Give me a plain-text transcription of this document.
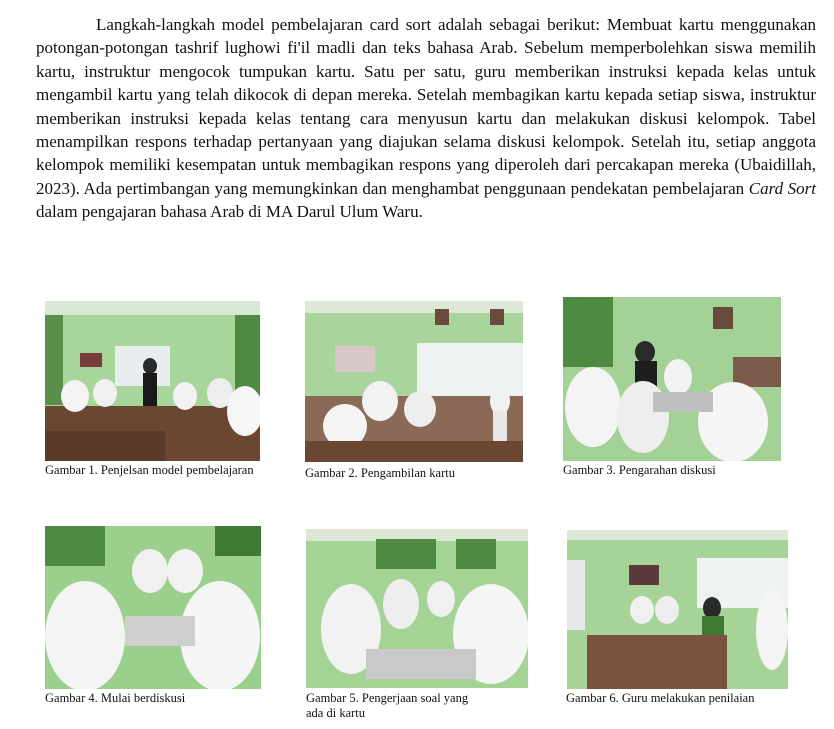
Langkah-langkah model pembelajaran card sort adalah sebagai berikut: Membuat kartu menggunakan potongan-potongan tashrif lughowi fi'il madli dan teks bahasa Arab. Sebelum memperbolehkan siswa memilih kartu, instruktur mengocok tumpukan kartu. Satu per satu, guru memberikan instruksi kepada kelas untuk mengambil kartu yang telah dikocok di depan mereka. Setelah membagikan kartu kepada setiap siswa, instruktur memberikan instruksi kepada kelas tentang cara menyusun kartu dan melakukan diskusi kelompok. Tabel menampilkan respons terhadap pertanyaan yang diajukan selama diskusi kelompok. Setelah itu, setiap anggota kelompok memiliki kesempatan untuk membagikan respons yang diperoleh dari percakapan mereka (Ubaidillah, 2023). Ada pertimbangan yang memungkinkan dan menghambat penggunaan pendekatan pembelajaran Card Sort dalam pengajaran bahasa Arab di MA Darul Ulum Waru.

Gambar 1. Penjelsan model pembelajaran	Gambar 2. Pengambilan kartu	Gambar 3. Pengarahan diskusi

Gambar 4. Mulai berdiskusi	Gambar 5. Pengerjaan soal yang ada di kartu

Gambar 6. Guru melakukan penilaian
